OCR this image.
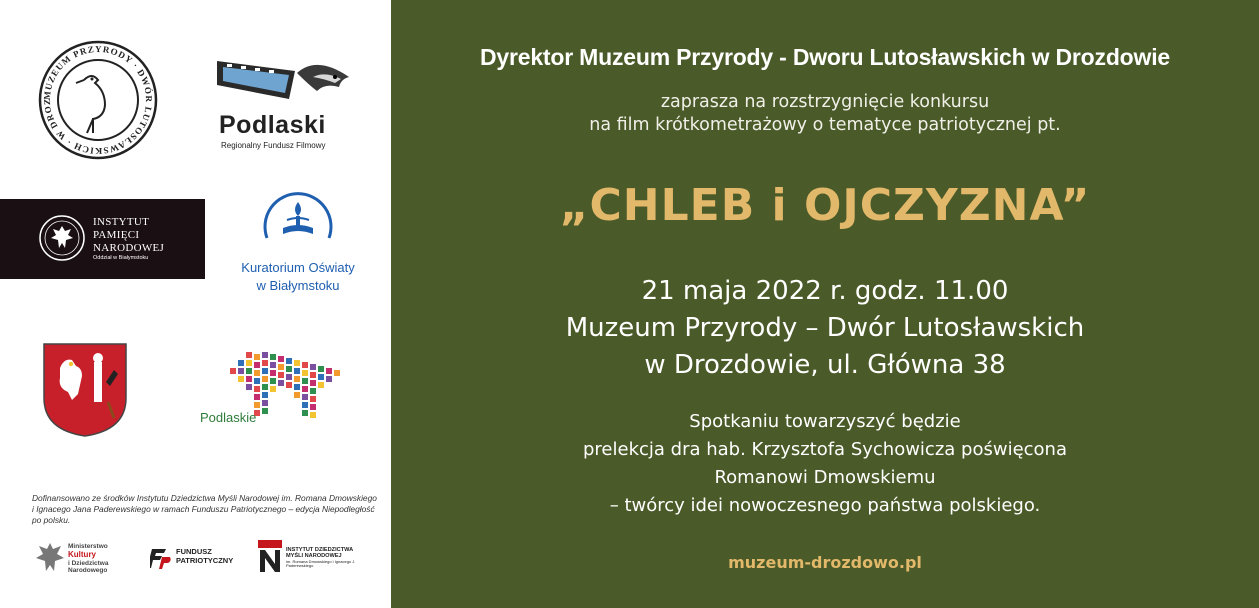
MUZEUM PRZYRODY · DWÓR LUTOSŁAWSKICH · W DROZ
Podlaski
Regionalny Fundusz Filmowy
INSTYTUT
PAMIĘCI
NARODOWEJ
Oddział w Białymstoku
Kuratorium Oświaty
w Białymstoku
Podlaskie
Dofinansowano ze środków Instytutu Dziedzictwa Myśli Narodowej im. Romana Dmowskiego i Ignacego Jana Paderewskiego w ramach Funduszu Patriotycznego – edycja Niepodległość po polsku.
Ministerstwo
Kultury
i Dziedzictwa
Narodowego
FUNDUSZ
PATRIOTYCZNY
INSTYTUT DZIEDZICTWA
MYŚLI NARODOWEJ
im. Romana Dmowskiego i Ignacego J. Paderewskiego
Dyrektor Muzeum Przyrody - Dworu Lutosławskich w Drozdowie
zaprasza na rozstrzygnięcie konkursu
na film krótkometrażowy o tematyce patriotycznej pt.
„CHLEB i OJCZYZNA”
21 maja 2022 r. godz. 11.00
Muzeum Przyrody – Dwór Lutosławskich
w Drozdowie, ul. Główna 38
Spotkaniu towarzyszyć będzie
prelekcja dra hab. Krzysztofa Sychowicza poświęcona
Romanowi Dmowskiemu
– twórcy idei nowoczesnego państwa polskiego.
muzeum-drozdowo.pl
